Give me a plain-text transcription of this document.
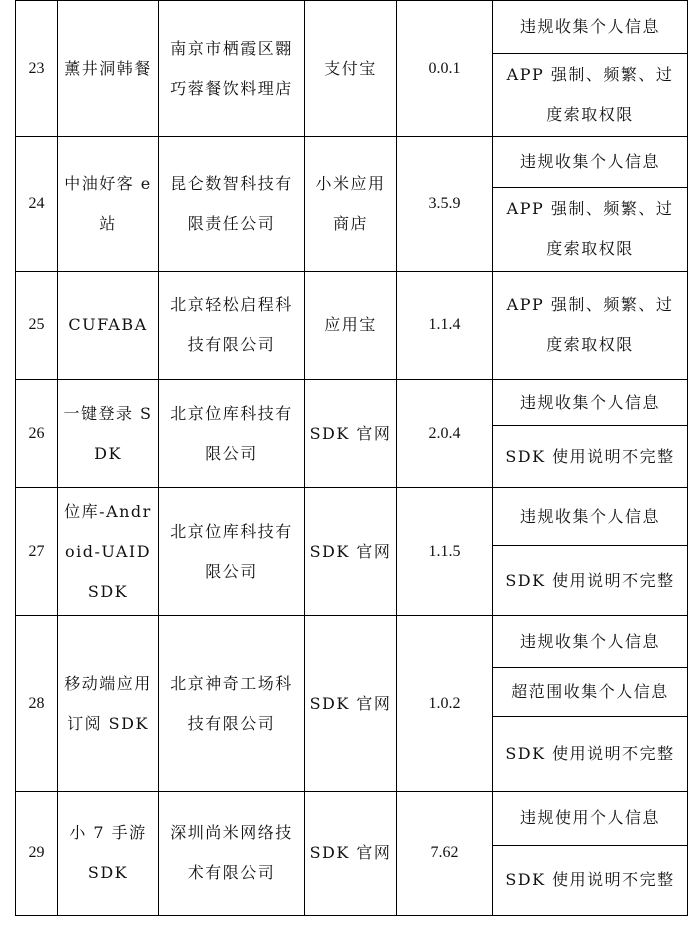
23	薰井洞韩餐	南京市栖霞区翾巧蓉餐饮料理店	支付宝	0.0.1	违规收集个人信息
					APP 强制、频繁、过度索取权限
24	中油好客 e 站	昆仑数智科技有限责任公司	小米应用商店	3.5.9	违规收集个人信息
					APP 强制、频繁、过度索取权限
25	CUFABA	北京轻松启程科技有限公司	应用宝	1.1.4	APP 强制、频繁、过度索取权限
26	一键登录 SDK	北京位库科技有限公司	SDK 官网	2.0.4	违规收集个人信息
					SDK 使用说明不完整
27	位库-Android-UAID SDK	北京位库科技有限公司	SDK 官网	1.1.5	违规收集个人信息
					SDK 使用说明不完整
28	移动端应用订阅 SDK	北京神奇工场科技有限公司	SDK 官网	1.0.2	违规收集个人信息
					超范围收集个人信息
					SDK 使用说明不完整
29	小 7 手游 SDK	深圳尚米网络技术有限公司	SDK 官网	7.62	违规使用个人信息
					SDK 使用说明不完整
